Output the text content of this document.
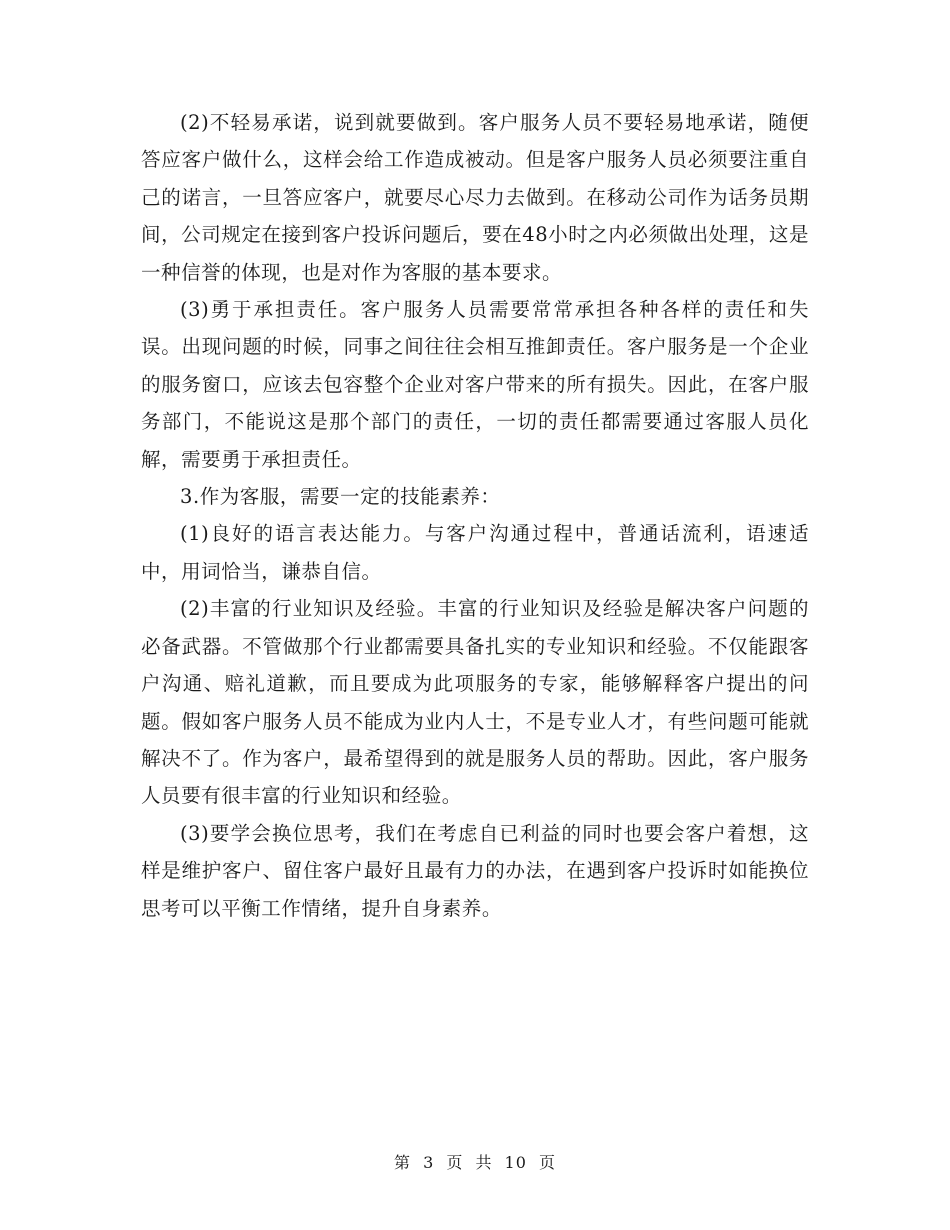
(2)不轻易承诺，说到就要做到。客户服务人员不要轻易地承诺，随便答应客户做什么，这样会给工作造成被动。但是客户服务人员必须要注重自己的诺言，一旦答应客户，就要尽心尽力去做到。在移动公司作为话务员期间，公司规定在接到客户投诉问题后，要在48小时之内必须做出处理，这是一种信誉的体现，也是对作为客服的基本要求。

(3)勇于承担责任。客户服务人员需要常常承担各种各样的责任和失误。出现问题的时候，同事之间往往会相互推卸责任。客户服务是一个企业的服务窗口，应该去包容整个企业对客户带来的所有损失。因此，在客户服务部门，不能说这是那个部门的责任，一切的责任都需要通过客服人员化解，需要勇于承担责任。

3.作为客服，需要一定的技能素养：

(1)良好的语言表达能力。与客户沟通过程中，普通话流利，语速适中，用词恰当，谦恭自信。

(2)丰富的行业知识及经验。丰富的行业知识及经验是解决客户问题的必备武器。不管做那个行业都需要具备扎实的专业知识和经验。不仅能跟客户沟通、赔礼道歉，而且要成为此项服务的专家，能够解释客户提出的问题。假如客户服务人员不能成为业内人士，不是专业人才，有些问题可能就解决不了。作为客户，最希望得到的就是服务人员的帮助。因此，客户服务人员要有很丰富的行业知识和经验。

(3)要学会换位思考，我们在考虑自已利益的同时也要会客户着想，这样是维护客户、留住客户最好且最有力的办法，在遇到客户投诉时如能换位思考可以平衡工作情绪，提升自身素养。

第 3 页 共 10 页
